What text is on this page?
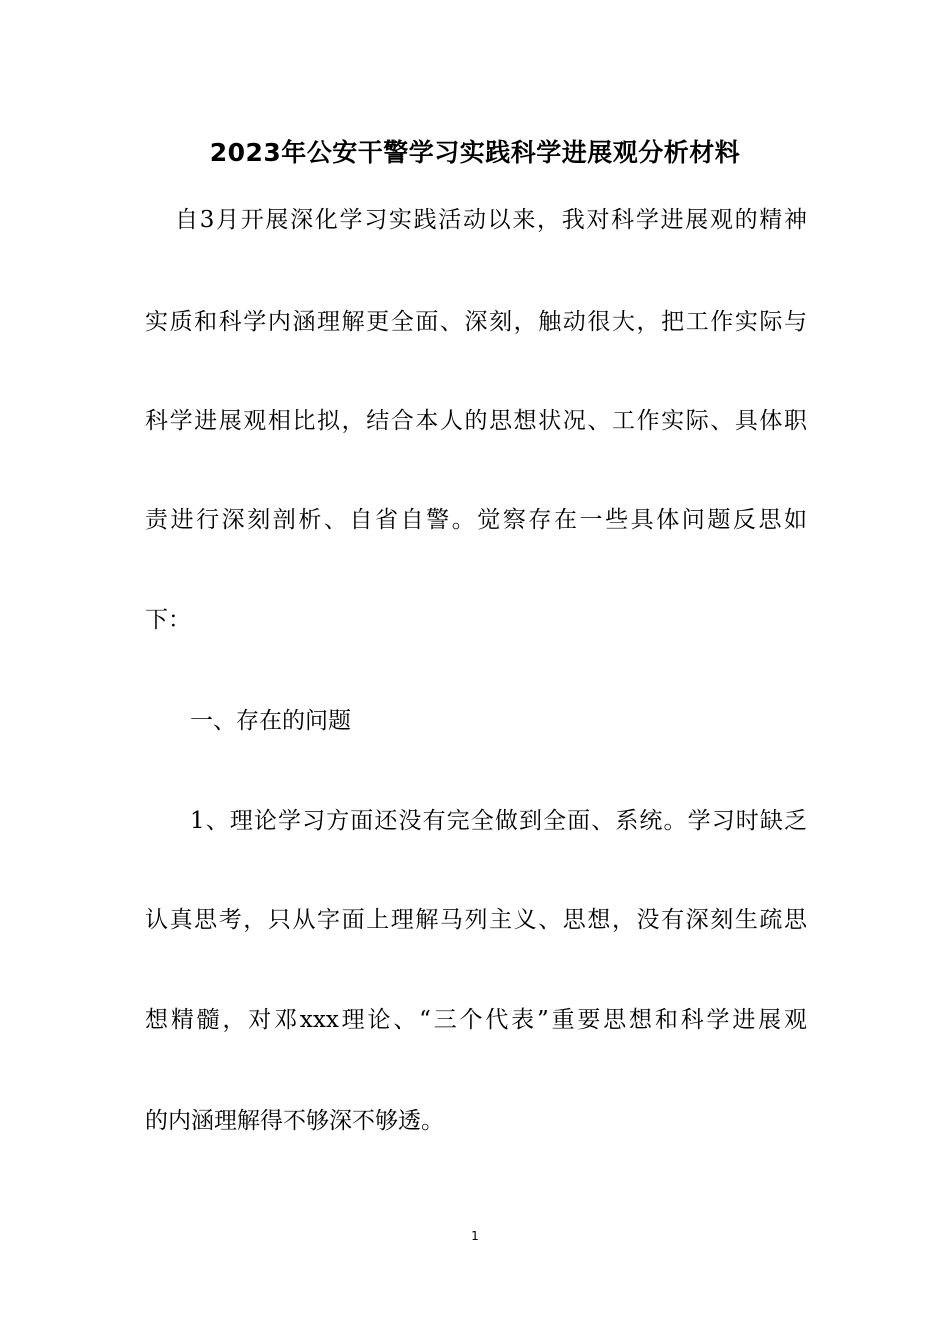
2023年公安干警学习实践科学进展观分析材料
自3月开展深化学习实践活动以来，我对科学进展观的精神
实质和科学内涵理解更全面、深刻，触动很大，把工作实际与
科学进展观相比拟，结合本人的思想状况、工作实际、具体职
责进行深刻剖析、自省自警。觉察存在一些具体问题反思如
下：
一、存在的问题
1、理论学习方面还没有完全做到全面、系统。学习时缺乏
认真思考，只从字面上理解马列主义、思想，没有深刻生疏思
想精髓，对邓xxx理论、“三个代表”重要思想和科学进展观
的内涵理解得不够深不够透。
1
